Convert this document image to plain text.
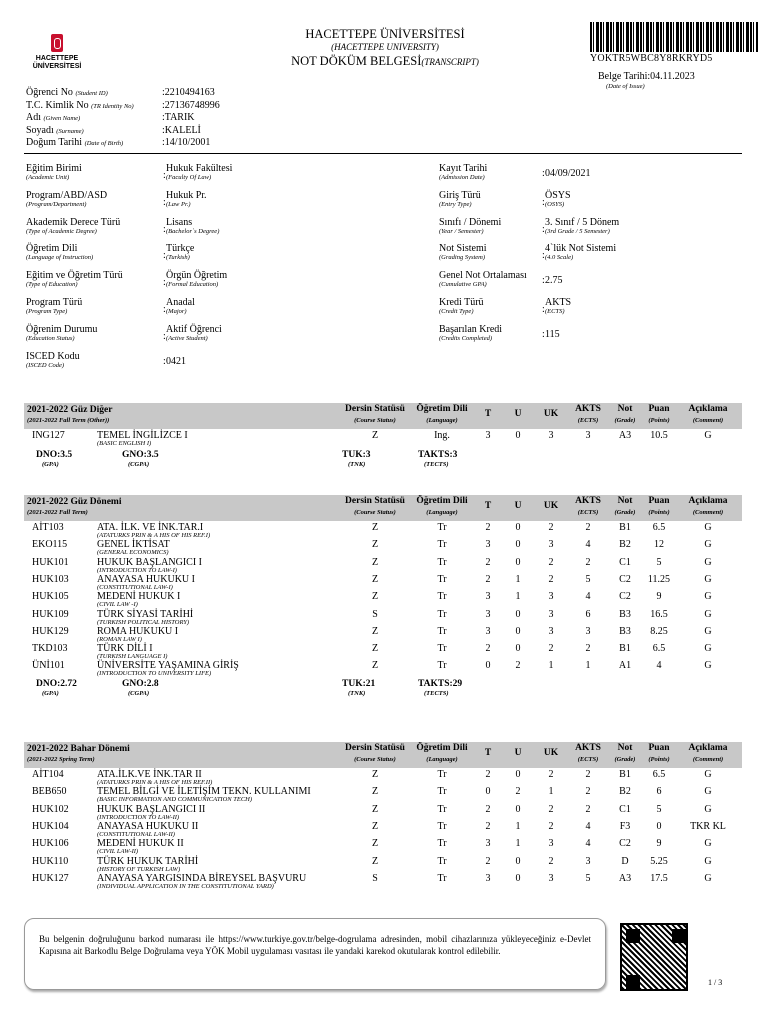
HACETTEPE
ÜNİVERSİTESİ
HACETTEPE ÜNİVERSİTESİ
(HACETTEPE UNIVERSITY)
NOT DÖKÜM BELGESİ(TRANSCRIPT)	YOKTR5WBC8Y8RKRYD5
Belge Tarihi:04.11.2023
(Date of Issue)
Öğrenci No (Student ID)	:2210494163
T.C. Kimlik No (TR Identity No)	:27136748996
Adı (Given Name)	:TARIK
Soyadı (Surname)	:KALELİ
Doğum Tarihi (Date of Birth)	:14/10/2001
Eğitim Birimi
(Academic Unit)
Hukuk Fakültesi
: (Faculty Of Law)
Program/ABD/ASD
(Program/Department)
Hukuk Pr.
: (Law Pr.)
Akademik Derece Türü
(Type of Academic Degree)
Lisans
: (Bachelor`s Degree)
Öğretim Dili
(Language of Instruction)
Türkçe
: (Turkish)
Eğitim ve Öğretim Türü
(Type of Education)
Örgün Öğretim
: (Formal Education)
Program Türü
(Program Type)
Anadal
: (Major)
Öğrenim Durumu
(Education Status)
Aktif Öğrenci
: (Active Student)
ISCED Kodu
(ISCED Code)	0421
:
Kayıt Tarihi
(Admission Date)	04/09/2021
:
Giriş Türü
(Entry Type)
ÖSYS
: (OSYS)
Sınıfı / Dönemi
(Year / Semester)
3. Sınıf / 5 Dönem
: (3rd Grade / 5 Semester)
Not Sistemi
(Grading System)
4`lük Not Sistemi
: (4.0 Scale)
Genel Not Ortalaması
(Cumulative GPA)	2.75
:
Kredi Türü
(Credit Type)
AKTS
: (ECTS)
Başarılan Kredi
(Credits Completed)	115
:
2021-2022 Güz Diğer
(2021-2022 Fall Term (Other))
Dersin Statüsü
(Course Status)
Öğretim Dili
(Language)
T	U	UK	AKTS
(ECTS)
Not
(Grade)
Puan
(Points)
Açıklama
(Comment)
ING127	TEMEL İNGİLİZCE I
(BASIC ENGLISH I)
Z	Ing.	3	0	3	3	A3	10.5	G
DNO:3.5
(GPA)
GNO:3.5
(CGPA)
TUK:3
(TNK)
TAKTS:3
(TECTS)
2021-2022 Güz Dönemi
(2021-2022 Fall Term)
Dersin Statüsü
(Course Status)
Öğretim Dili
(Language)
T	U	UK	AKTS
(ECTS)
Not
(Grade)
Puan
(Points)
Açıklama
(Comment)
AİT103	ATA. İLK. VE İNK.TAR.I
(ATATURKS PRIN & A HIS OF HIS REF.I)
Z	Tr	2	0	2	2	B1	6.5	G
EKO115	GENEL İKTİSAT
(GENERAL ECONOMICS)
Z	Tr	3	0	3	4	B2	12	G
HUK101	HUKUK BAŞLANGICI I
(INTRODUCTION TO LAW-I)
Z	Tr	2	0	2	2	C1	5	G
HUK103	ANAYASA HUKUKU I
(CONSTITUTIONAL LAW-I)
Z	Tr	2	1	2	5	C2	11.25	G
HUK105	MEDENİ HUKUK I
(CIVIL LAW -I)
Z	Tr	3	1	3	4	C2	9	G
HUK109	TÜRK SİYASİ TARİHİ
(TURKISH POLITICAL HISTORY)
S	Tr	3	0	3	6	B3	16.5	G
HUK129	ROMA HUKUKU I
(ROMAN LAW I)
Z	Tr	3	0	3	3	B3	8.25	G
TKD103	TÜRK DİLİ I
(TURKISH LANGUAGE I)
Z	Tr	2	0	2	2	B1	6.5	G
ÜNİ101	ÜNİVERSİTE YAŞAMINA GİRİŞ
(INTRODUCTION TO UNIVERSITY LIFE)
Z	Tr	0	2	1	1	A1	4	G
DNO:2.72
(GPA)
GNO:2.8
(CGPA)
TUK:21
(TNK)
TAKTS:29
(TECTS)
2021-2022 Bahar Dönemi
(2021-2022 Spring Term)
Dersin Statüsü
(Course Status)
Öğretim Dili
(Language)
T	U	UK	AKTS
(ECTS)
Not
(Grade)
Puan
(Points)
Açıklama
(Comment)
AİT104	ATA.İLK.VE İNK.TAR II
(ATATURKS PRIN & A HIS OF HIS REF.II)
Z	Tr	2	0	2	2	B1	6.5	G
BEB650	TEMEL BİLGİ VE İLETİŞİM TEKN. KULLANIMI
(BASIC INFORMATION AND COMMUNICATION TECH)
Z	Tr	0	2	1	2	B2	6	G
HUK102	HUKUK BAŞLANGICI II
(INTRODUCTION TO LAW-II)
Z	Tr	2	0	2	2	C1	5	G
HUK104	ANAYASA HUKUKU II
(CONSTITUTIONAL LAW-II)
Z	Tr	2	1	2	4	F3	0	TKR KL
HUK106	MEDENİ HUKUK II
(CIVIL LAW-II)
Z	Tr	3	1	3	4	C2	9	G
HUK110	TÜRK HUKUK TARİHİ
(HISTORY OF TURKISH LAW)
Z	Tr	2	0	2	3	D	5.25	G
HUK127	ANAYASA YARGISINDA BİREYSEL BAŞVURU
(INDIVIDUAL APPLICATION IN THE CONSTITUTIONAL YARD)
S	Tr	3	0	3	5	A3	17.5	G
Bu belgenin doğruluğunu barkod numarası ile https://www.turkiye.gov.tr/belge-dogrulama adresinden, mobil cihazlarınıza yükleyeceğiniz e-Devlet Kapısına ait Barkodlu Belge Doğrulama veya YÖK Mobil uygulaması vasıtası ile yandaki karekod okutularak kontrol edilebilir.
1 / 3
